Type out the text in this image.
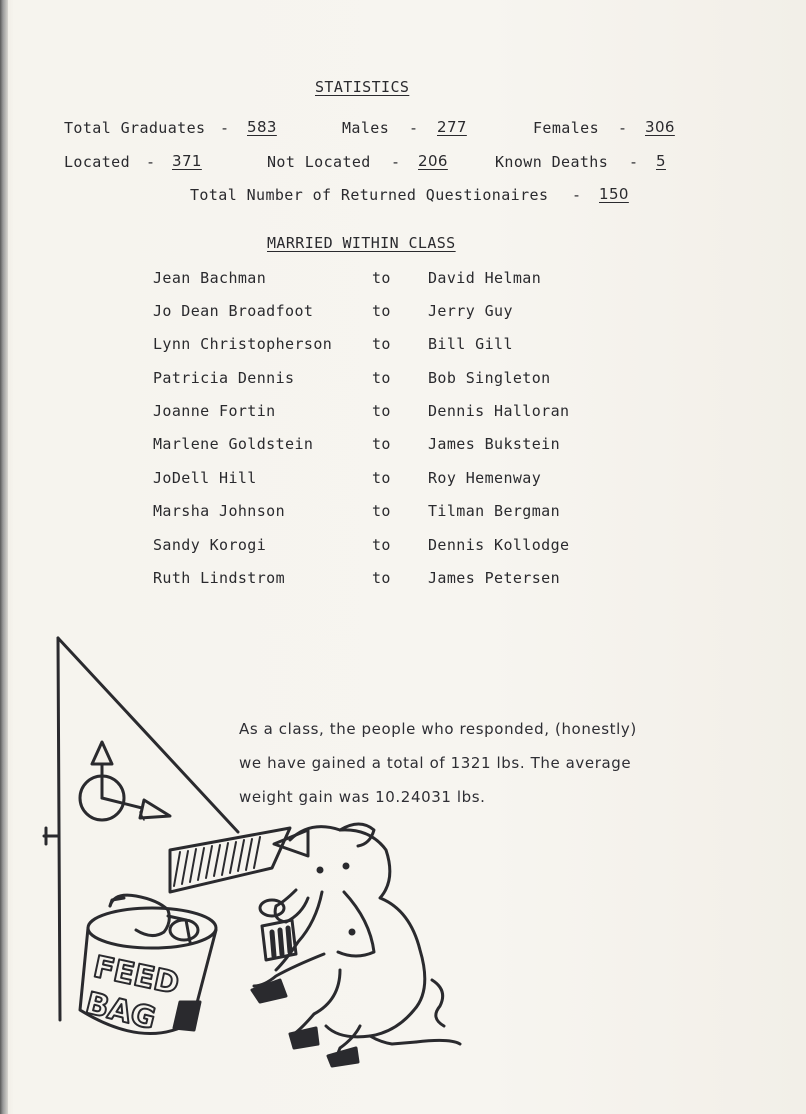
STATISTICS
Total Graduates - 583	Males - 277	Females - 306
Located - 371	Not Located - 206	Known Deaths - 5
Total Number of Returned Questionaires - 150
MARRIED WITHIN CLASS
Jean Bachman	to David Helman
Jo Dean Broadfoot	to Jerry Guy
Lynn Christopherson	to Bill Gill
Patricia Dennis	to Bob Singleton
Joanne Fortin	to Dennis Halloran
Marlene Goldstein	to James Bukstein
JoDell Hill	to Roy Hemenway
Marsha Johnson	to Tilman Bergman
Sandy Korogi	to Dennis Kollodge
Ruth Lindstrom	to James Petersen
As a class, the people who responded, (honestly)
we have gained a total of 1321 lbs. The average
weight gain was 10.24031 lbs.
FEED
BAG
